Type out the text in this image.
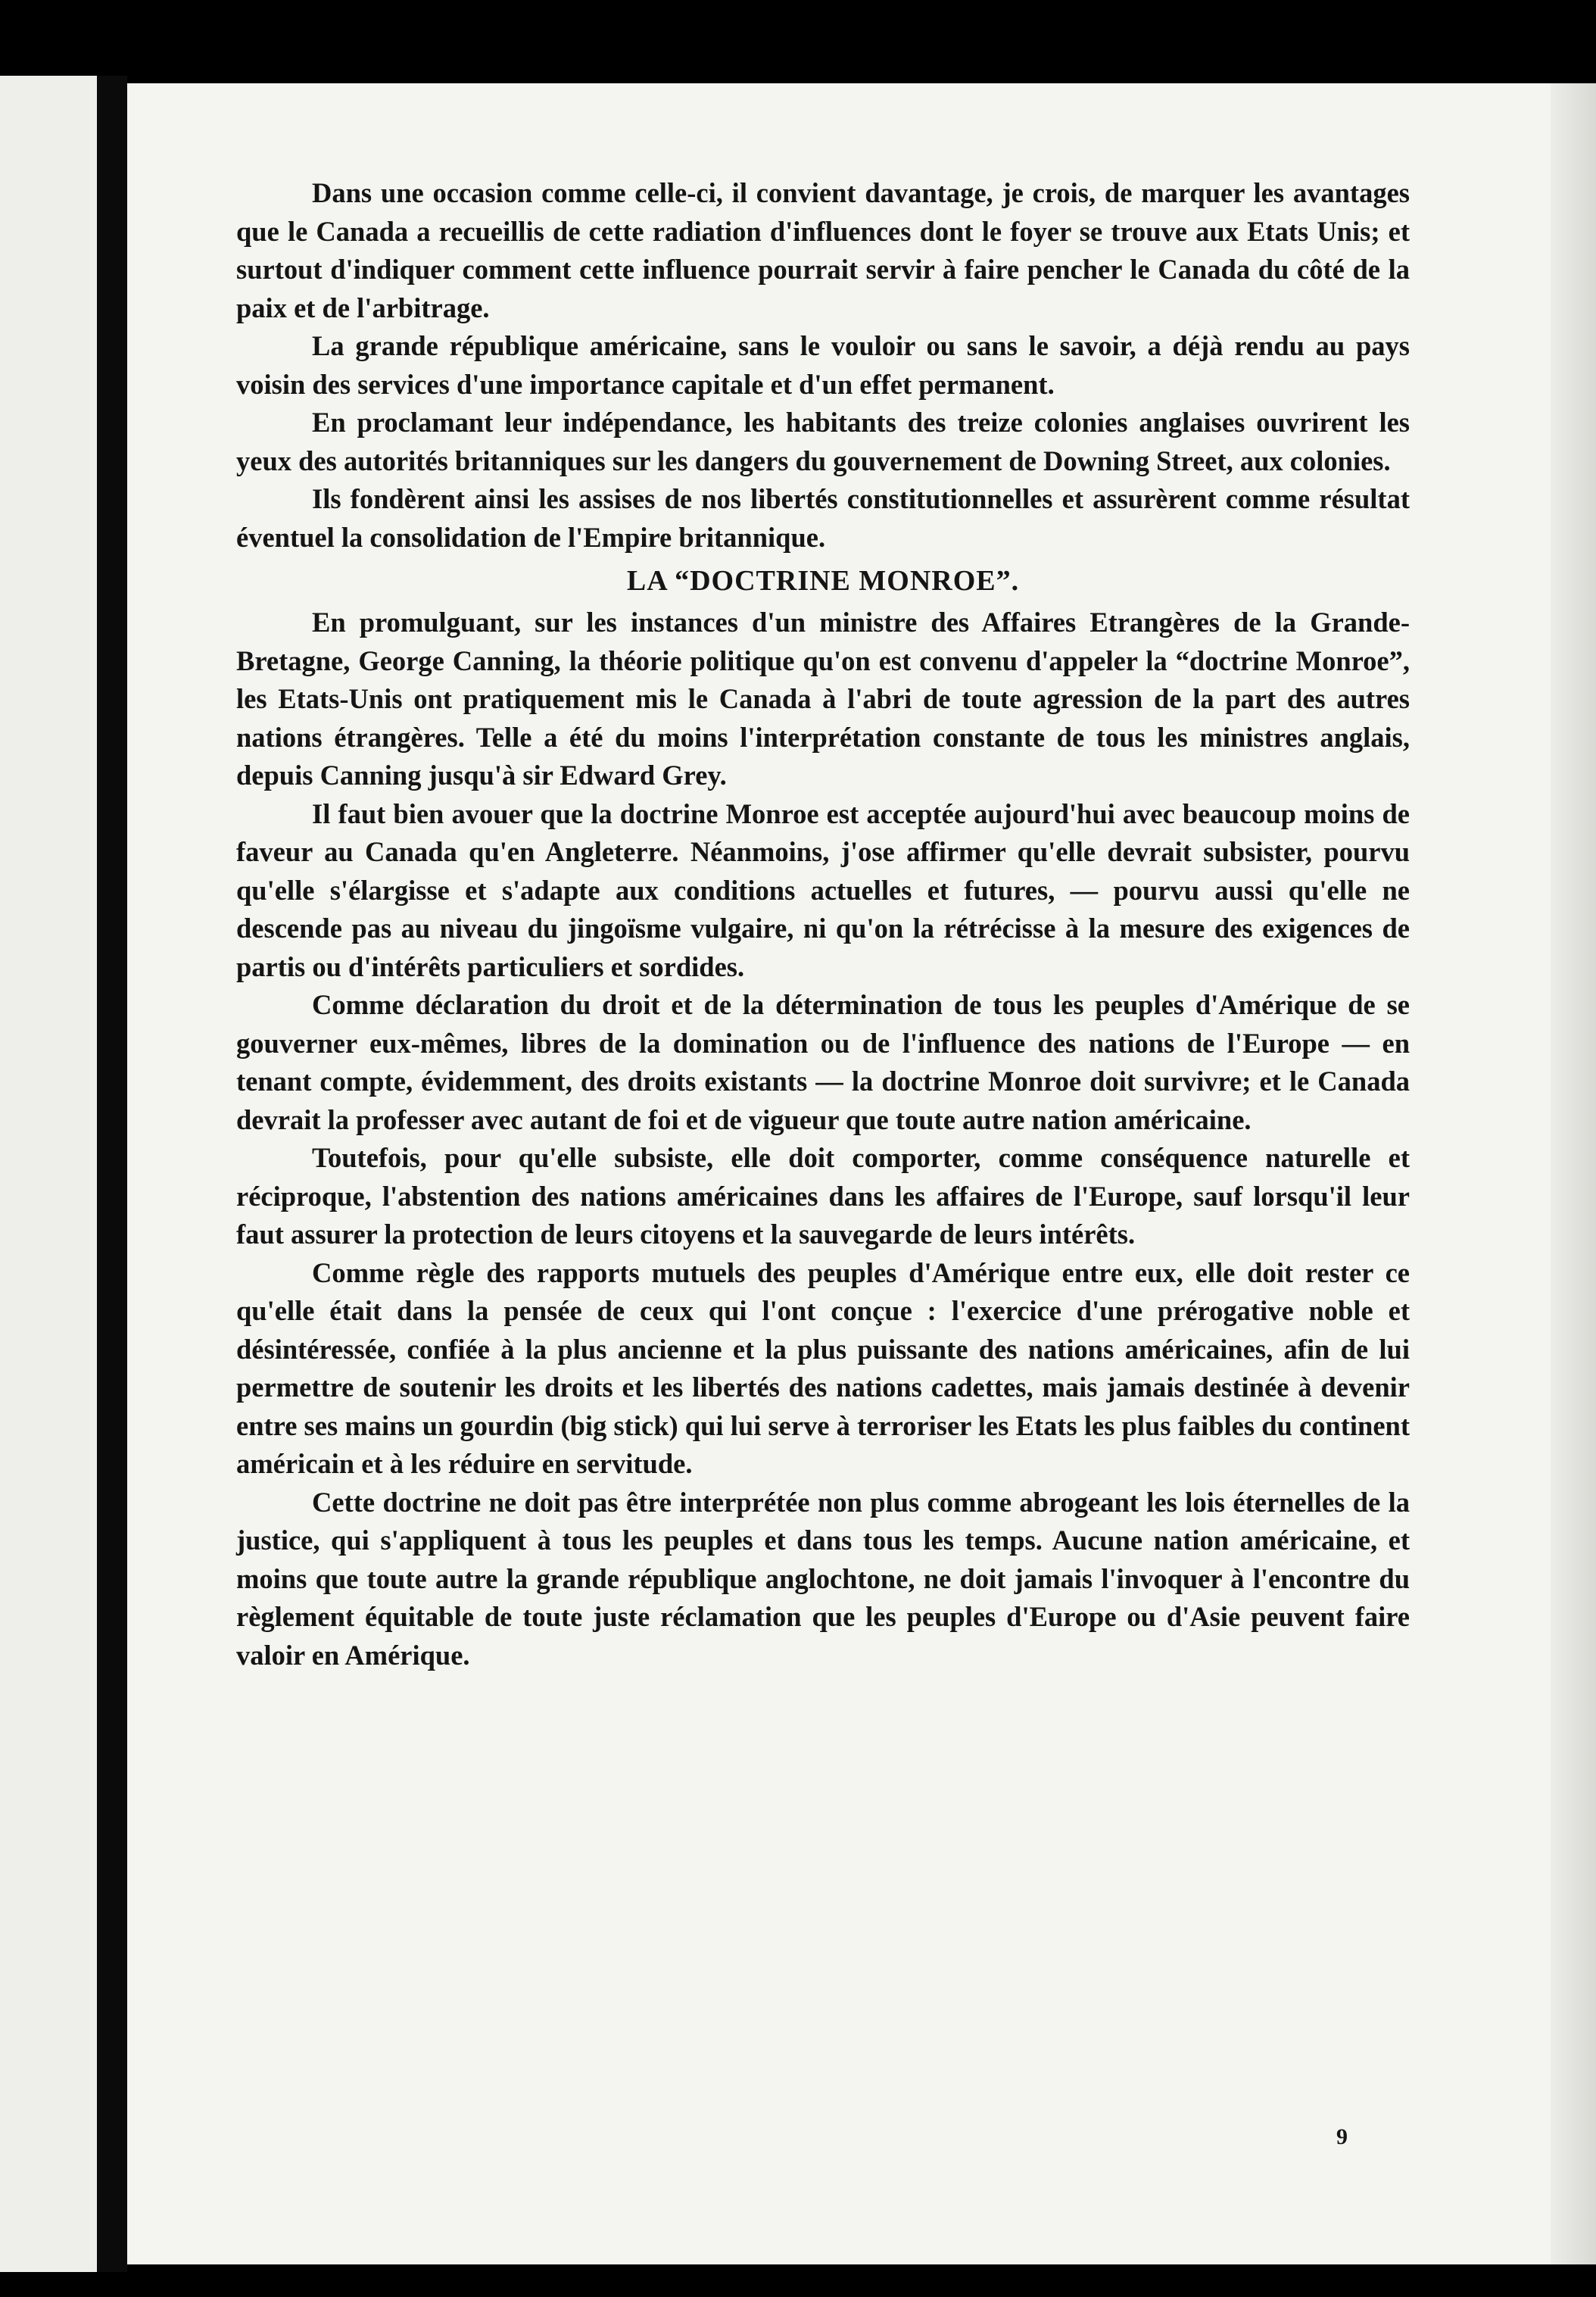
Dans une occasion comme celle-ci, il convient davantage, je crois, de marquer les avantages que le Canada a recueillis de cette radiation d'influences dont le foyer se trouve aux Etats Unis; et surtout d'indiquer comment cette influence pourrait servir à faire pencher le Canada du côté de la paix et de l'arbitrage.

La grande république américaine, sans le vouloir ou sans le savoir, a déjà rendu au pays voisin des services d'une importance capitale et d'un effet permanent.

En proclamant leur indépendance, les habitants des treize colonies anglaises ouvrirent les yeux des autorités britanniques sur les dangers du gouvernement de Downing Street, aux colonies.

Ils fondèrent ainsi les assises de nos libertés constitutionnelles et assurèrent comme résultat éventuel la consolidation de l'Empire britannique.

LA “DOCTRINE MONROE”.

En promulguant, sur les instances d'un ministre des Affaires Etrangères de la Grande-Bretagne, George Canning, la théorie politique qu'on est convenu d'appeler la “doctrine Monroe”, les Etats-Unis ont pratiquement mis le Canada à l'abri de toute agression de la part des autres nations étrangères. Telle a été du moins l'interprétation constante de tous les ministres anglais, depuis Canning jusqu'à sir Edward Grey.

Il faut bien avouer que la doctrine Monroe est acceptée aujourd'hui avec beaucoup moins de faveur au Canada qu'en Angleterre. Néanmoins, j'ose affirmer qu'elle devrait subsister, pourvu qu'elle s'élargisse et s'adapte aux conditions actuelles et futures, — pourvu aussi qu'elle ne descende pas au niveau du jingoïsme vulgaire, ni qu'on la rétrécisse à la mesure des exigences de partis ou d'intérêts particuliers et sordides.

Comme déclaration du droit et de la détermination de tous les peuples d'Amérique de se gouverner eux-mêmes, libres de la domination ou de l'influence des nations de l'Europe — en tenant compte, évidemment, des droits existants — la doctrine Monroe doit survivre; et le Canada devrait la professer avec autant de foi et de vigueur que toute autre nation américaine.

Toutefois, pour qu'elle subsiste, elle doit comporter, comme conséquence naturelle et réciproque, l'abstention des nations américaines dans les affaires de l'Europe, sauf lorsqu'il leur faut assurer la protection de leurs citoyens et la sauvegarde de leurs intérêts.

Comme règle des rapports mutuels des peuples d'Amérique entre eux, elle doit rester ce qu'elle était dans la pensée de ceux qui l'ont conçue : l'exercice d'une prérogative noble et désintéressée, confiée à la plus ancienne et la plus puissante des nations américaines, afin de lui permettre de soutenir les droits et les libertés des nations cadettes, mais jamais destinée à devenir entre ses mains un gourdin (big stick) qui lui serve à terroriser les Etats les plus faibles du continent américain et à les réduire en servitude.

Cette doctrine ne doit pas être interprétée non plus comme abrogeant les lois éternelles de la justice, qui s'appliquent à tous les peuples et dans tous les temps. Aucune nation américaine, et moins que toute autre la grande république anglochtone, ne doit jamais l'invoquer à l'encontre du règlement équitable de toute juste réclamation que les peuples d'Europe ou d'Asie peuvent faire valoir en Amérique.

9
